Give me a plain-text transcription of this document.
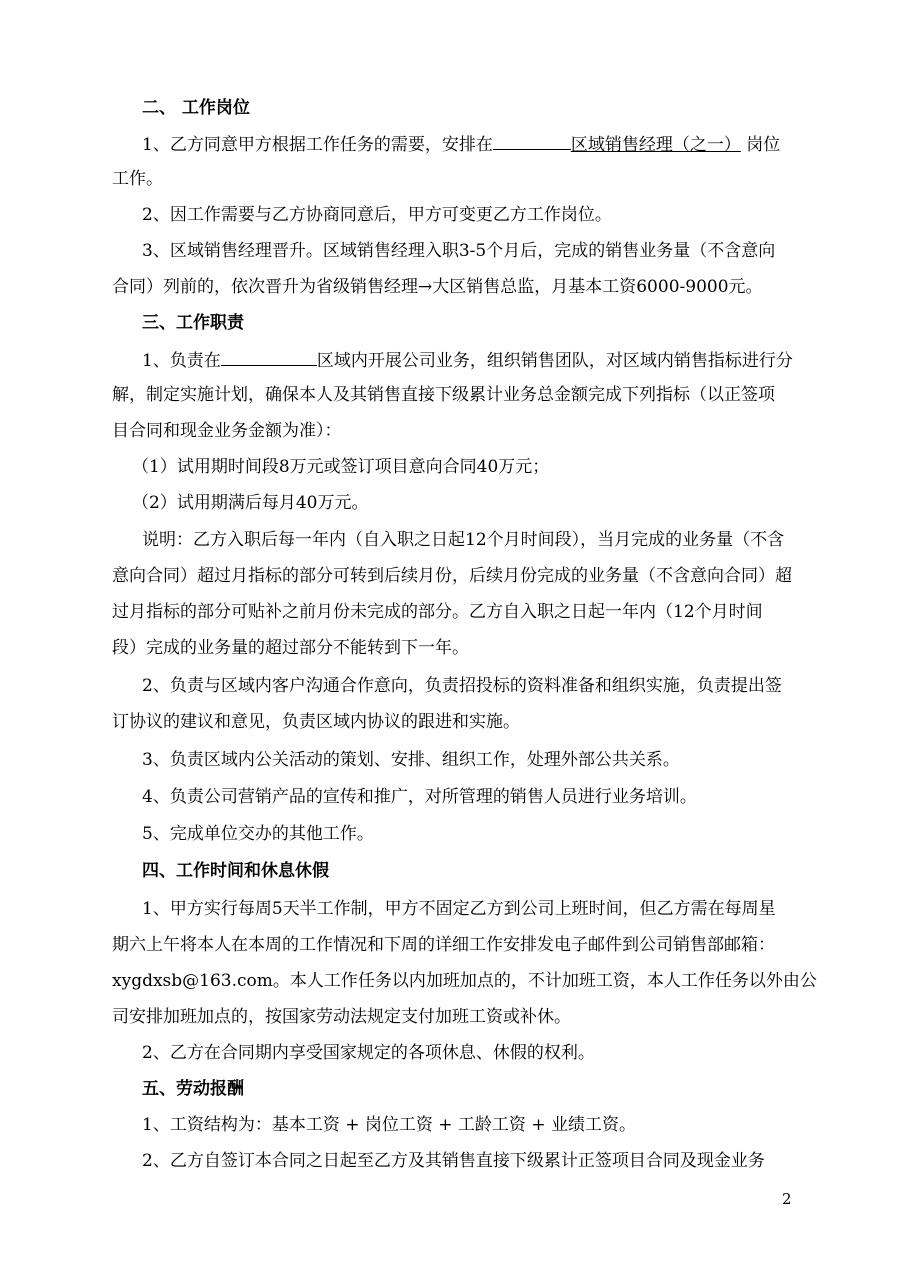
二、 工作岗位
1、乙方同意甲方根据工作任务的需要，安排在	区域销售经理（之一） 岗位
工作。
2、因工作需要与乙方协商同意后，甲方可变更乙方工作岗位。
3、区域销售经理晋升。区域销售经理入职3-5个月后，完成的销售业务量（不含意向
合同）列前的，依次晋升为省级销售经理→大区销售总监，月基本工资6000-9000元。
三、工作职责
1、负责在	区域内开展公司业务，组织销售团队，对区域内销售指标进行分
解，制定实施计划，确保本人及其销售直接下级累计业务总金额完成下列指标（以正签项
目合同和现金业务金额为准）：
（1）试用期时间段8万元或签订项目意向合同40万元；
（2）试用期满后每月40万元。
说明：乙方入职后每一年内（自入职之日起12个月时间段），当月完成的业务量（不含
意向合同）超过月指标的部分可转到后续月份，后续月份完成的业务量（不含意向合同）超
过月指标的部分可贴补之前月份未完成的部分。乙方自入职之日起一年内（12个月时间
段）完成的业务量的超过部分不能转到下一年。
2、负责与区域内客户沟通合作意向，负责招投标的资料准备和组织实施，负责提出签
订协议的建议和意见，负责区域内协议的跟进和实施。
3、负责区域内公关活动的策划、安排、组织工作，处理外部公共关系。
4、负责公司营销产品的宣传和推广，对所管理的销售人员进行业务培训。
5、完成单位交办的其他工作。
四、工作时间和休息休假
1、甲方实行每周5天半工作制，甲方不固定乙方到公司上班时间，但乙方需在每周星
期六上午将本人在本周的工作情况和下周的详细工作安排发电子邮件到公司销售部邮箱：
xygdxsb@163.com。本人工作任务以内加班加点的，不计加班工资，本人工作任务以外由公
司安排加班加点的，按国家劳动法规定支付加班工资或补休。
2、乙方在合同期内享受国家规定的各项休息、休假的权利。
五、劳动报酬
1、工资结构为：基本工资 + 岗位工资 + 工龄工资 + 业绩工资。
2、乙方自签订本合同之日起至乙方及其销售直接下级累计正签项目合同及现金业务
2
